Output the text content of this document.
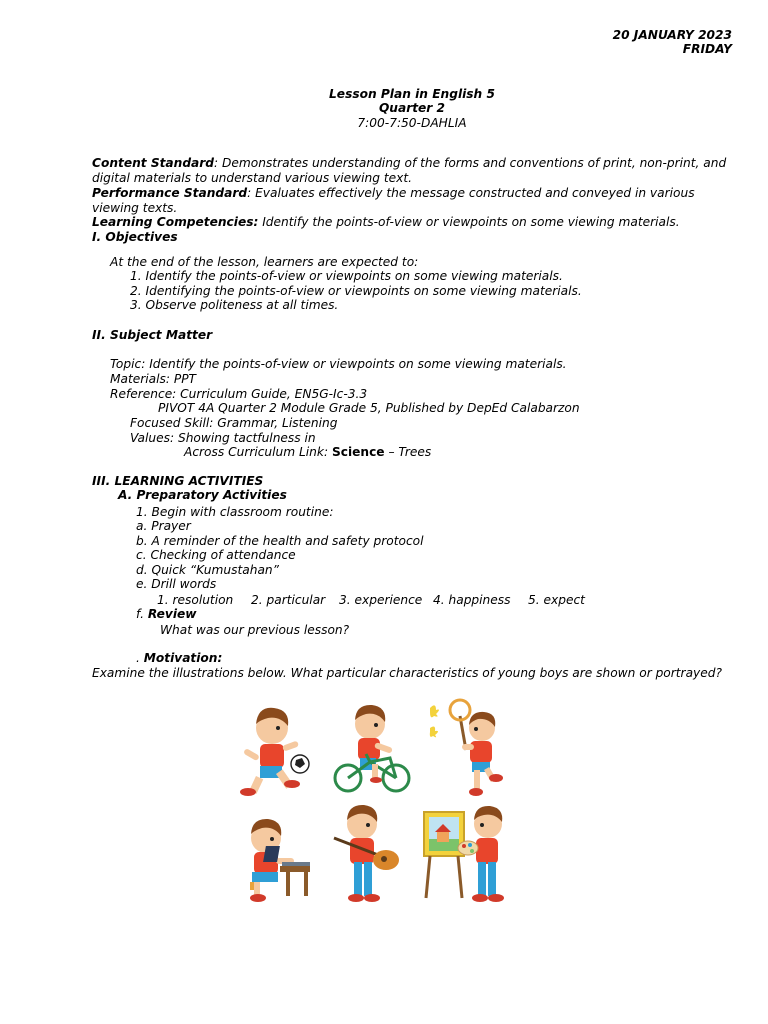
20 JANUARY 2023
FRIDAY
Lesson Plan in English 5
Quarter 2
7:00-7:50-DAHLIA
Content Standard: Demonstrates understanding of the forms and conventions of print, non-print, and digital materials to understand various viewing text.
Performance Standard: Evaluates effectively the message constructed and conveyed in various viewing texts.
Learning Competencies: Identify the points-of-view or viewpoints on some viewing materials.
I. Objectives
At the end of the lesson, learners are expected to:
1. Identify the points-of-view or viewpoints on some viewing materials.
2. Identifying the points-of-view or viewpoints on some viewing materials.
3. Observe politeness at all times.
II. Subject Matter
Topic: Identify the points-of-view or viewpoints on some viewing materials.
Materials: PPT
Reference: Curriculum Guide, EN5G-Ic-3.3
PIVOT 4A Quarter 2 Module Grade 5, Published by DepEd Calabarzon
Focused Skill: Grammar, Listening
Values: Showing tactfulness in
Across Curriculum Link: Science – Trees
III. LEARNING ACTIVITIES
A. Preparatory Activities
1. Begin with classroom routine:
a. Prayer
b. A reminder of the health and safety protocol
c. Checking of attendance
d. Quick “Kumustahan”
e. Drill words
1. resolution 2. particular 3. experience 4. happiness 5. expect
f. Review
What was our previous lesson?
. Motivation:
Examine the illustrations below. What particular characteristics of young boys are shown or portrayed?
